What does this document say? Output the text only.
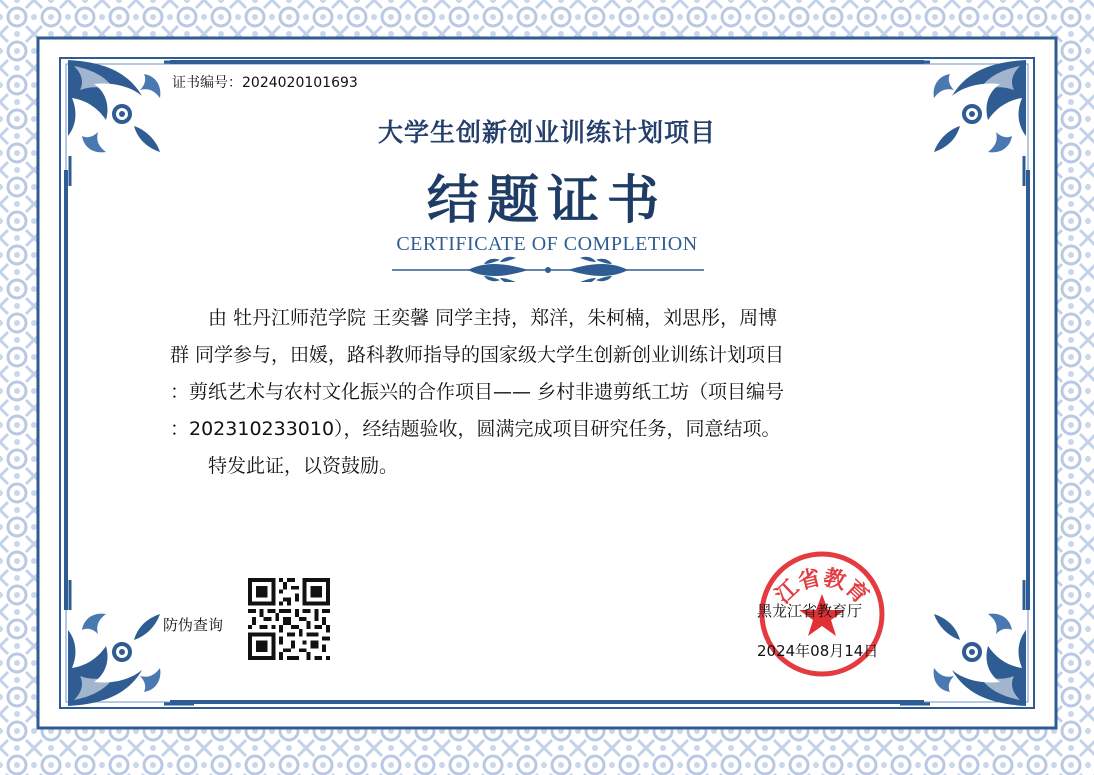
证书编号：2024020101693
大学生创新创业训练计划项目
结题证书
CERTIFICATE OF COMPLETION

由 牡丹江师范学院 王奕馨 同学主持，郑洋，朱柯楠，刘思彤，周博

群 同学参与，田媛，路科教师指导的国家级大学生创新创业训练计划项目

：剪纸艺术与农村文化振兴的合作项目—— 乡村非遗剪纸工坊（项目编号

：202310233010），经结题验收，圆满完成项目研究任务，同意结项。

特发此证，以资鼓励。

防伪查询
江省教育
黑龙江省教育厅
2024年08月14日
